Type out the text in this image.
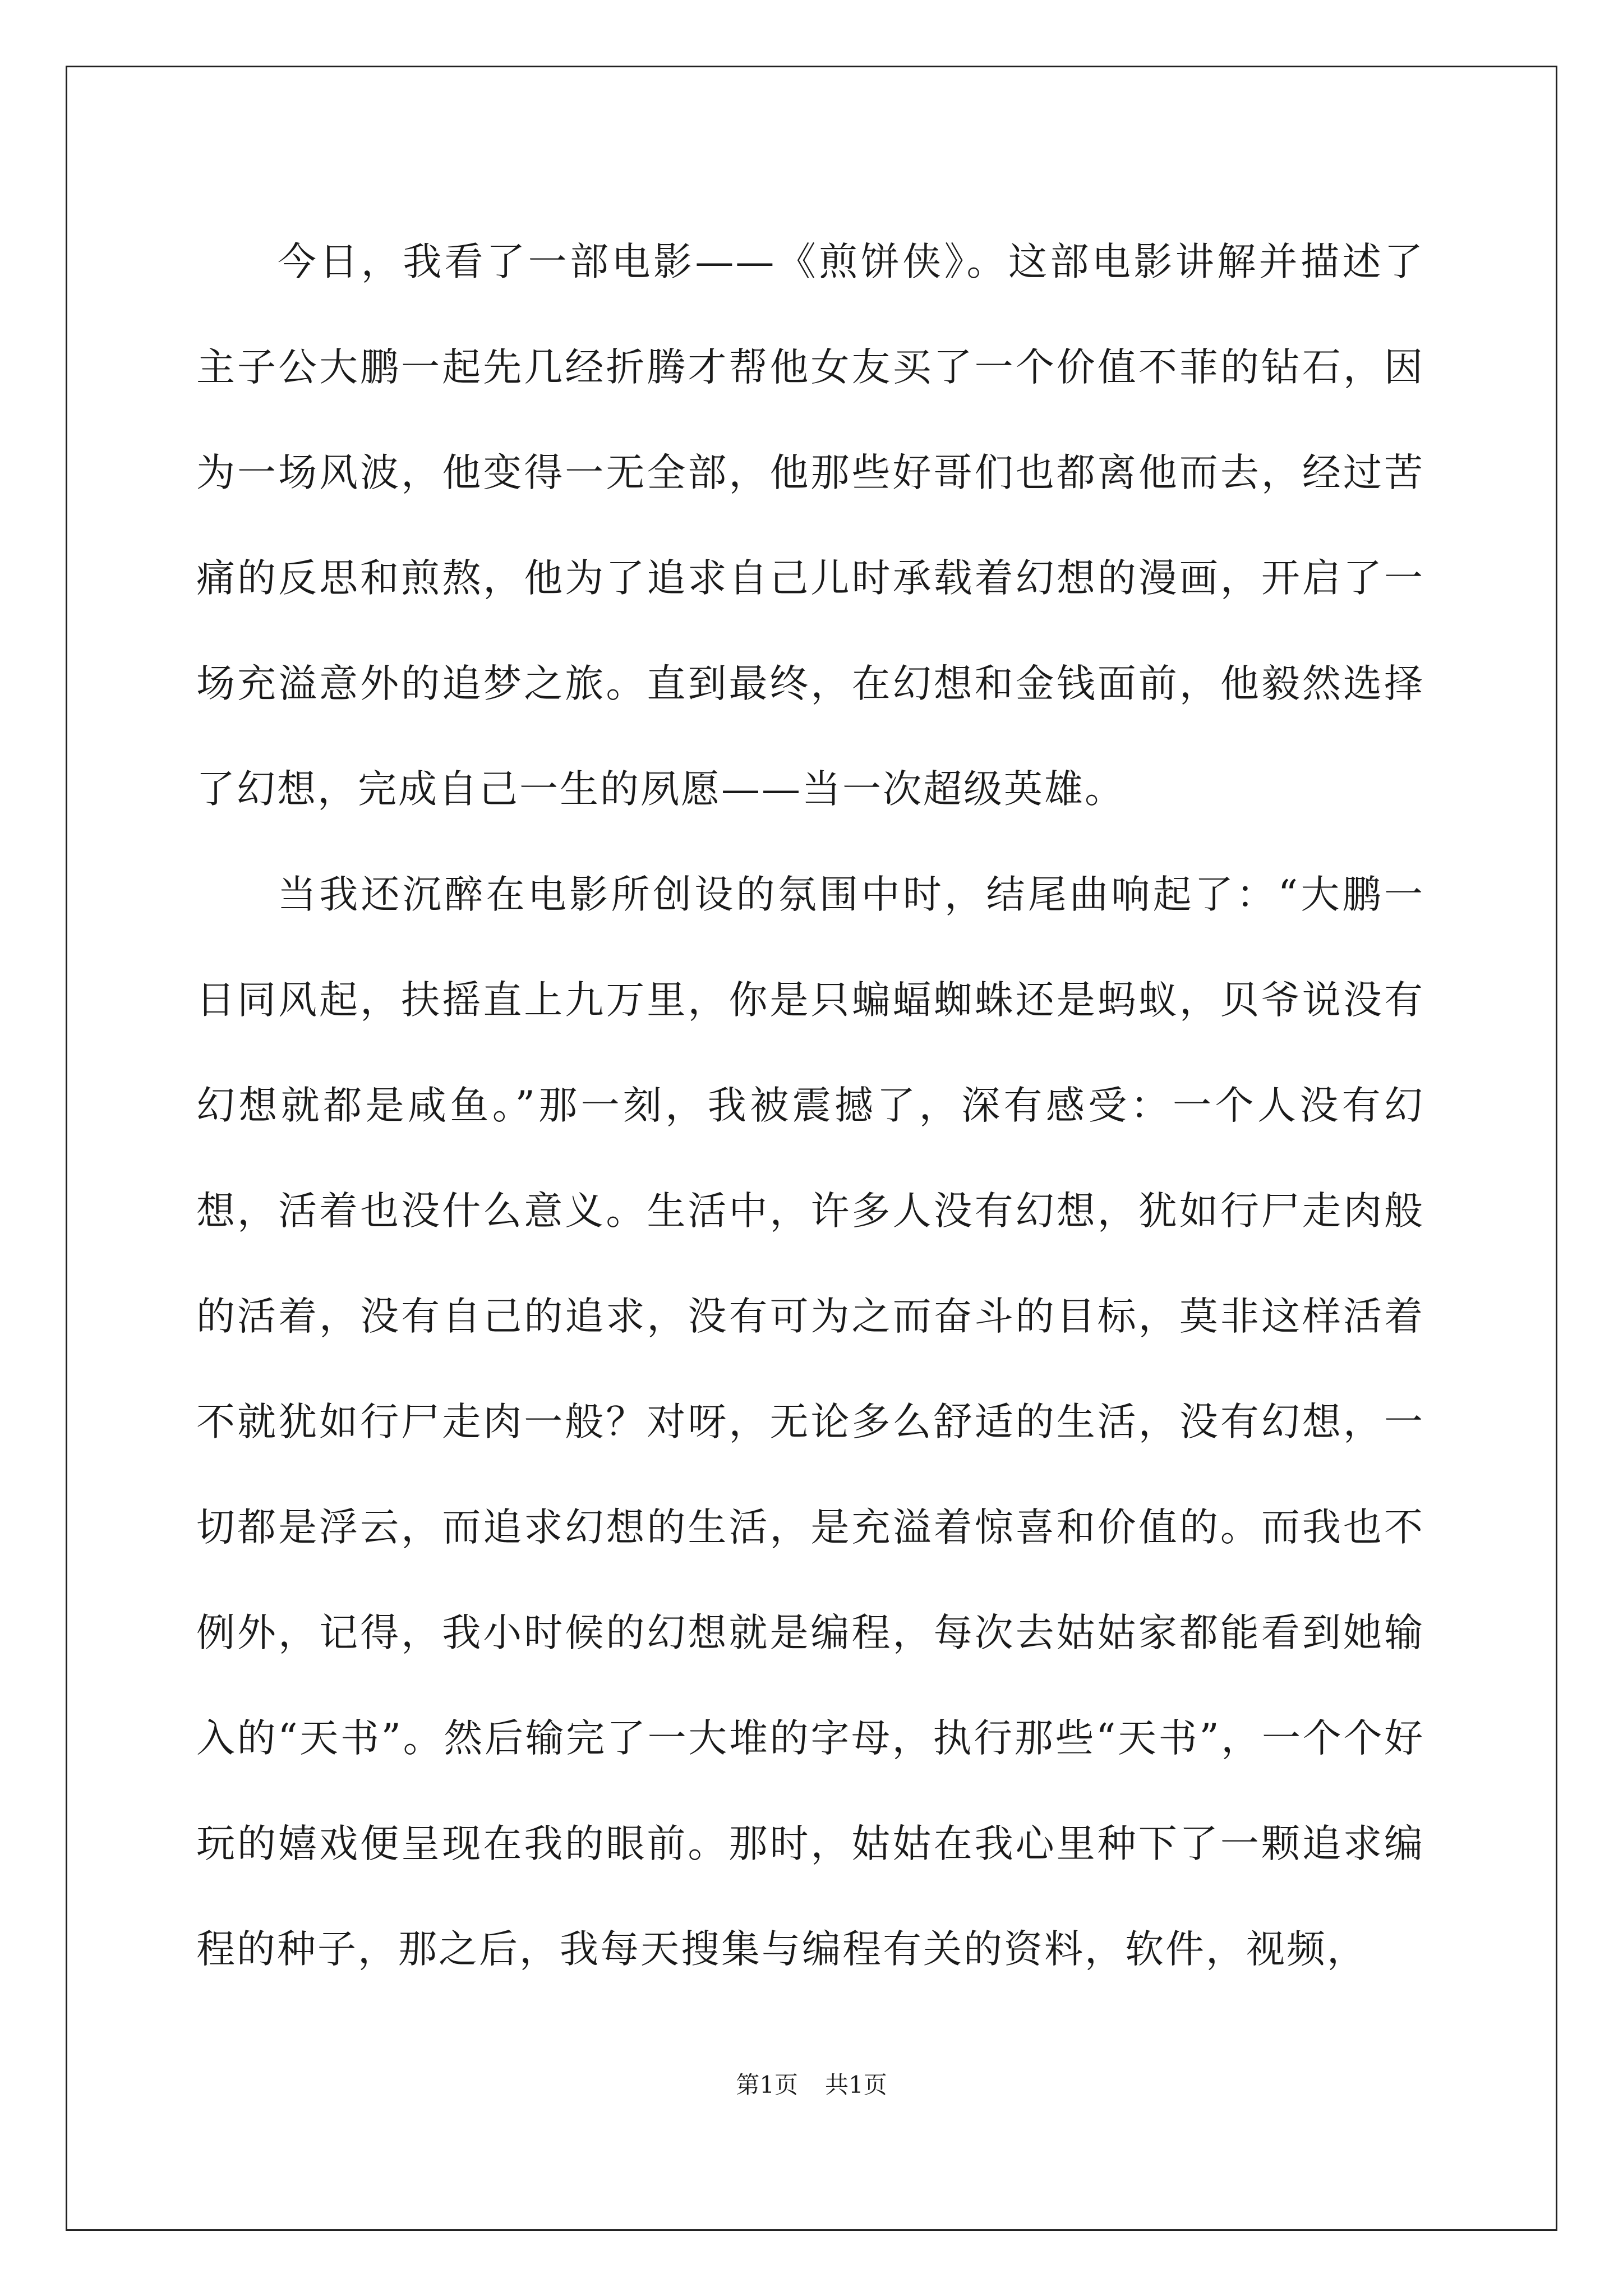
今日，我看了一部电影——《煎饼侠》。这部电影讲解并描述了主子公大鹏一起先几经折腾才帮他女友买了一个价值不菲的钻石，因为一场风波，他变得一无全部，他那些好哥们也都离他而去，经过苦痛的反思和煎熬，他为了追求自己儿时承载着幻想的漫画，开启了一场充溢意外的追梦之旅。直到最终，在幻想和金钱面前，他毅然选择了幻想，完成自己一生的夙愿——当一次超级英雄。

当我还沉醉在电影所创设的氛围中时，结尾曲响起了：“大鹏一日同风起，扶摇直上九万里，你是只蝙蝠蜘蛛还是蚂蚁，贝爷说没有幻想就都是咸鱼。”那一刻，我被震撼了，深有感受：一个人没有幻想，活着也没什么意义。生活中，许多人没有幻想，犹如行尸走肉般的活着，没有自己的追求，没有可为之而奋斗的目标，莫非这样活着不就犹如行尸走肉一般？对呀，无论多么舒适的生活，没有幻想，一切都是浮云，而追求幻想的生活，是充溢着惊喜和价值的。而我也不例外，记得，我小时候的幻想就是编程，每次去姑姑家都能看到她输入的“天书”。然后输完了一大堆的字母，执行那些“天书”，一个个好玩的嬉戏便呈现在我的眼前。那时，姑姑在我心里种下了一颗追求编程的种子，那之后，我每天搜集与编程有关的资料，软件，视频，

第1页 共1页
